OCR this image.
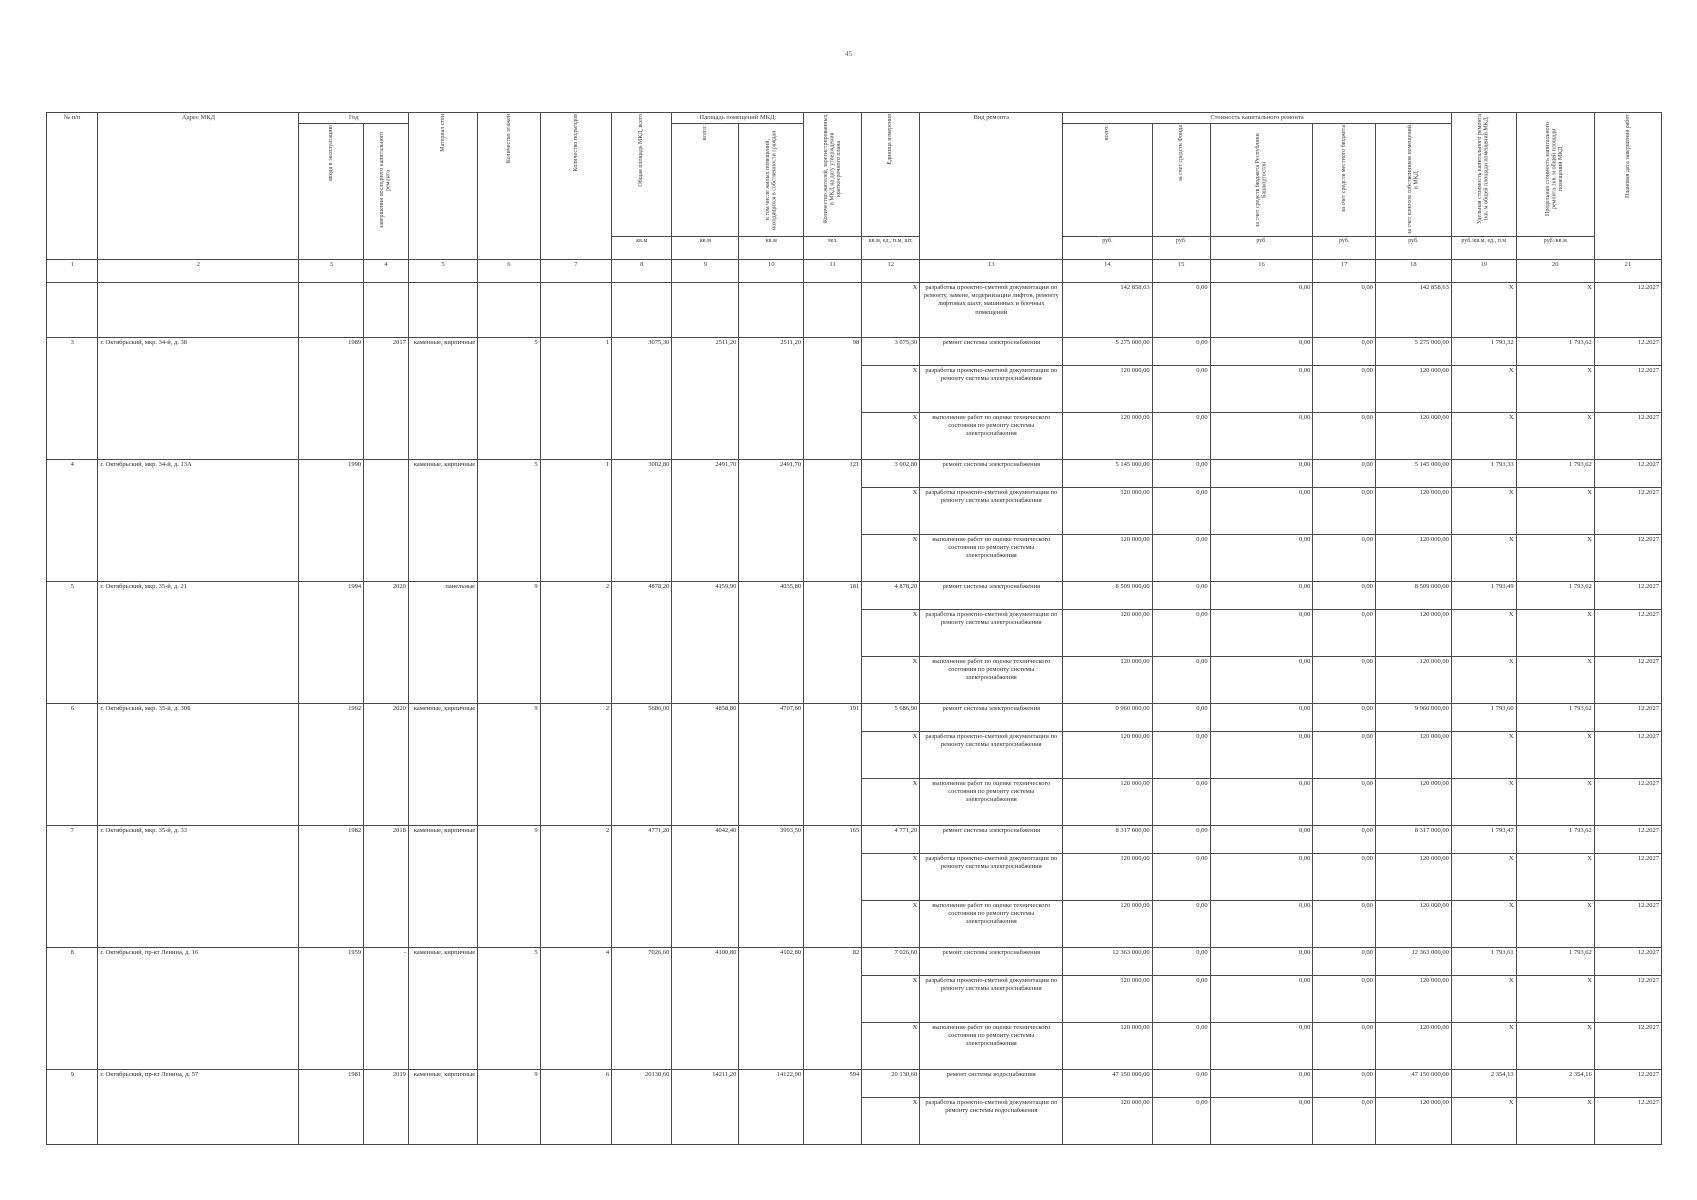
45
№ п/п	Адрес МКД	Год		Материал стен	Количество этажей	Количество подъездов	Общая площадь МКД, всего	Площадь помещений МКД:		Количество жителей, зарегистрированных в МКД на дату утверждения краткосрочного плана	Единица измерения	Вид ремонта	Стоимость капитального ремонта					Удельная стоимость капитального ремонта 1кв. м общей площади помещений МКД	Предельная стоимость капитального ремонта 1кв. м общей площади помещений МКД	Плановая дата завершения работ

		ввода в эксплуатацию	завершения последнего капитального ремонта					всего:	в том числе жилых помещений, находящихся в собственности граждан				всего:	за счет средств Фонда	за счет средств бюджета Республики Башкортостан	за счет средств местного бюджета	за счет взносов собственников помещений в МКД			

							кв.м	кв.м	кв.м	чел.	кв.м, ед., п.м, шт.		руб.	руб.	руб.	руб.	руб.	руб./кв.м, ед., п.м	руб./кв.м	
1	2	3	4	5	6	7	8	9	10	11	12	13	14	15	16	17	18	19	20	21
											X	разработка проектно-сметной документации по ремонту, замене, модернизации лифтов, ремонту лифтовых шахт, машинных и блочных помещений	142 858,63	0,00	0,00	0,00	142 858,63	X	X	12.2027
3	г. Октябрьский, мкр. 34-й, д. 38	1989	2017	каменные, кирпичные	5	1	3075,30	2511,20	2511,20	98	3 075,30	ремонт системы электроснабжения	5 275 000,00	0,00	0,00	0,00	5 275 000,00	1 793,32	1 793,62	12.2027
											X	разработка проектно-сметной документации по ремонту системы электроснабжения	120 000,00	0,00	0,00	0,00	120 000,00	X	X	12.2027
											X	выполнение работ по оценке технического состояния по ремонту системы электроснабжения	120 000,00	0,00	0,00	0,00	120 000,00	X	X	12.2027
4	г. Октябрьский, мкр. 34-й, д. 13А	1990		каменные, кирпичные	5	1	3002,80	2491,70	2491,70	121	3 002,80	ремонт системы электроснабжения	5 145 000,00	0,00	0,00	0,00	5 145 000,00	1 793,33	1 793,62	12.2027
											X	разработка проектно-сметной документации по ремонту системы электроснабжения	120 000,00	0,00	0,00	0,00	120 000,00	X	X	12.2027
											X	выполнение работ по оценке технического состояния по ремонту системы электроснабжения	120 000,00	0,00	0,00	0,00	120 000,00	X	X	12.2027
5	г. Октябрьский, мкр. 35-й, д. 21	1994	2020	панельные	9	2	4878,20	4159,90	4035,80	181	4 878,20	ремонт системы электроснабжения	8 509 000,00	0,00	0,00	0,00	8 509 000,00	1 793,49	1 793,62	12.2027
											X	разработка проектно-сметной документации по ремонту системы электроснабжения	120 000,00	0,00	0,00	0,00	120 000,00	X	X	12.2027
											X	выполнение работ по оценке технического состояния по ремонту системы электроснабжения	120 000,00	0,00	0,00	0,00	120 000,00	X	X	12.2027
6	г. Октябрьский, мкр. 35-й, д. 30Б	1992	2020	каменные, кирпичные	9	2	5686,00	4858,80	4707,60	191	5 686,90	ремонт системы электроснабжения	9 960 000,00	0,00	0,00	0,00	9 960 000,00	1 793,60	1 793,62	12.2027
											X	разработка проектно-сметной документации по ремонту системы электроснабжения	120 000,00	0,00	0,00	0,00	120 000,00	X	X	12.2027
											X	выполнение работ по оценке технического состояния по ремонту системы электроснабжения	120 000,00	0,00	0,00	0,00	120 000,00	X	X	12.2027
7	г. Октябрьский, мкр. 35-й, д. 33	1982	2018	каменные, кирпичные	9	2	4771,20	4042,40	3993,50	165	4 771,20	ремонт системы электроснабжения	8 317 000,00	0,00	0,00	0,00	8 317 000,00	1 793,47	1 793,62	12.2027
											X	разработка проектно-сметной документации по ремонту системы электроснабжения	120 000,00	0,00	0,00	0,00	120 000,00	X	X	12.2027
											X	выполнение работ по оценке технического состояния по ремонту системы электроснабжения	120 000,00	0,00	0,00	0,00	120 000,00	X	X	12.2027
8	г. Октябрьский, пр-кт Ленина, д. 16	1959	-	каменные, кирпичные	5	4	7026,60	4100,80	4102,80	82	7 026,60	ремонт системы электроснабжения	12 363 000,00	0,00	0,00	0,00	12 363 000,00	1 793,61	1 793,62	12.2027
											X	разработка проектно-сметной документации по ремонту системы электроснабжения	120 000,00	0,00	0,00	0,00	120 000,00	X	X	12.2027
											X	выполнение работ по оценке технического состояния по ремонту системы электроснабжения	120 000,00	0,00	0,00	0,00	120 000,00	X	X	12.2027
9	г. Октябрьский, пр-кт Ленина, д. 57	1981	2019	каменные, кирпичные	9	6	20130,60	14211,20	14122,90	594	20 130,60	ремонт системы водоснабжения	47 150 000,00	0,00	0,00	0,00	47 150 000,00	2 354,13	2 354,16	12.2027
											X	разработка проектно-сметной документации по ремонту системы водоснабжения	120 000,00	0,00	0,00	0,00	120 000,00	X	X	12.2027
